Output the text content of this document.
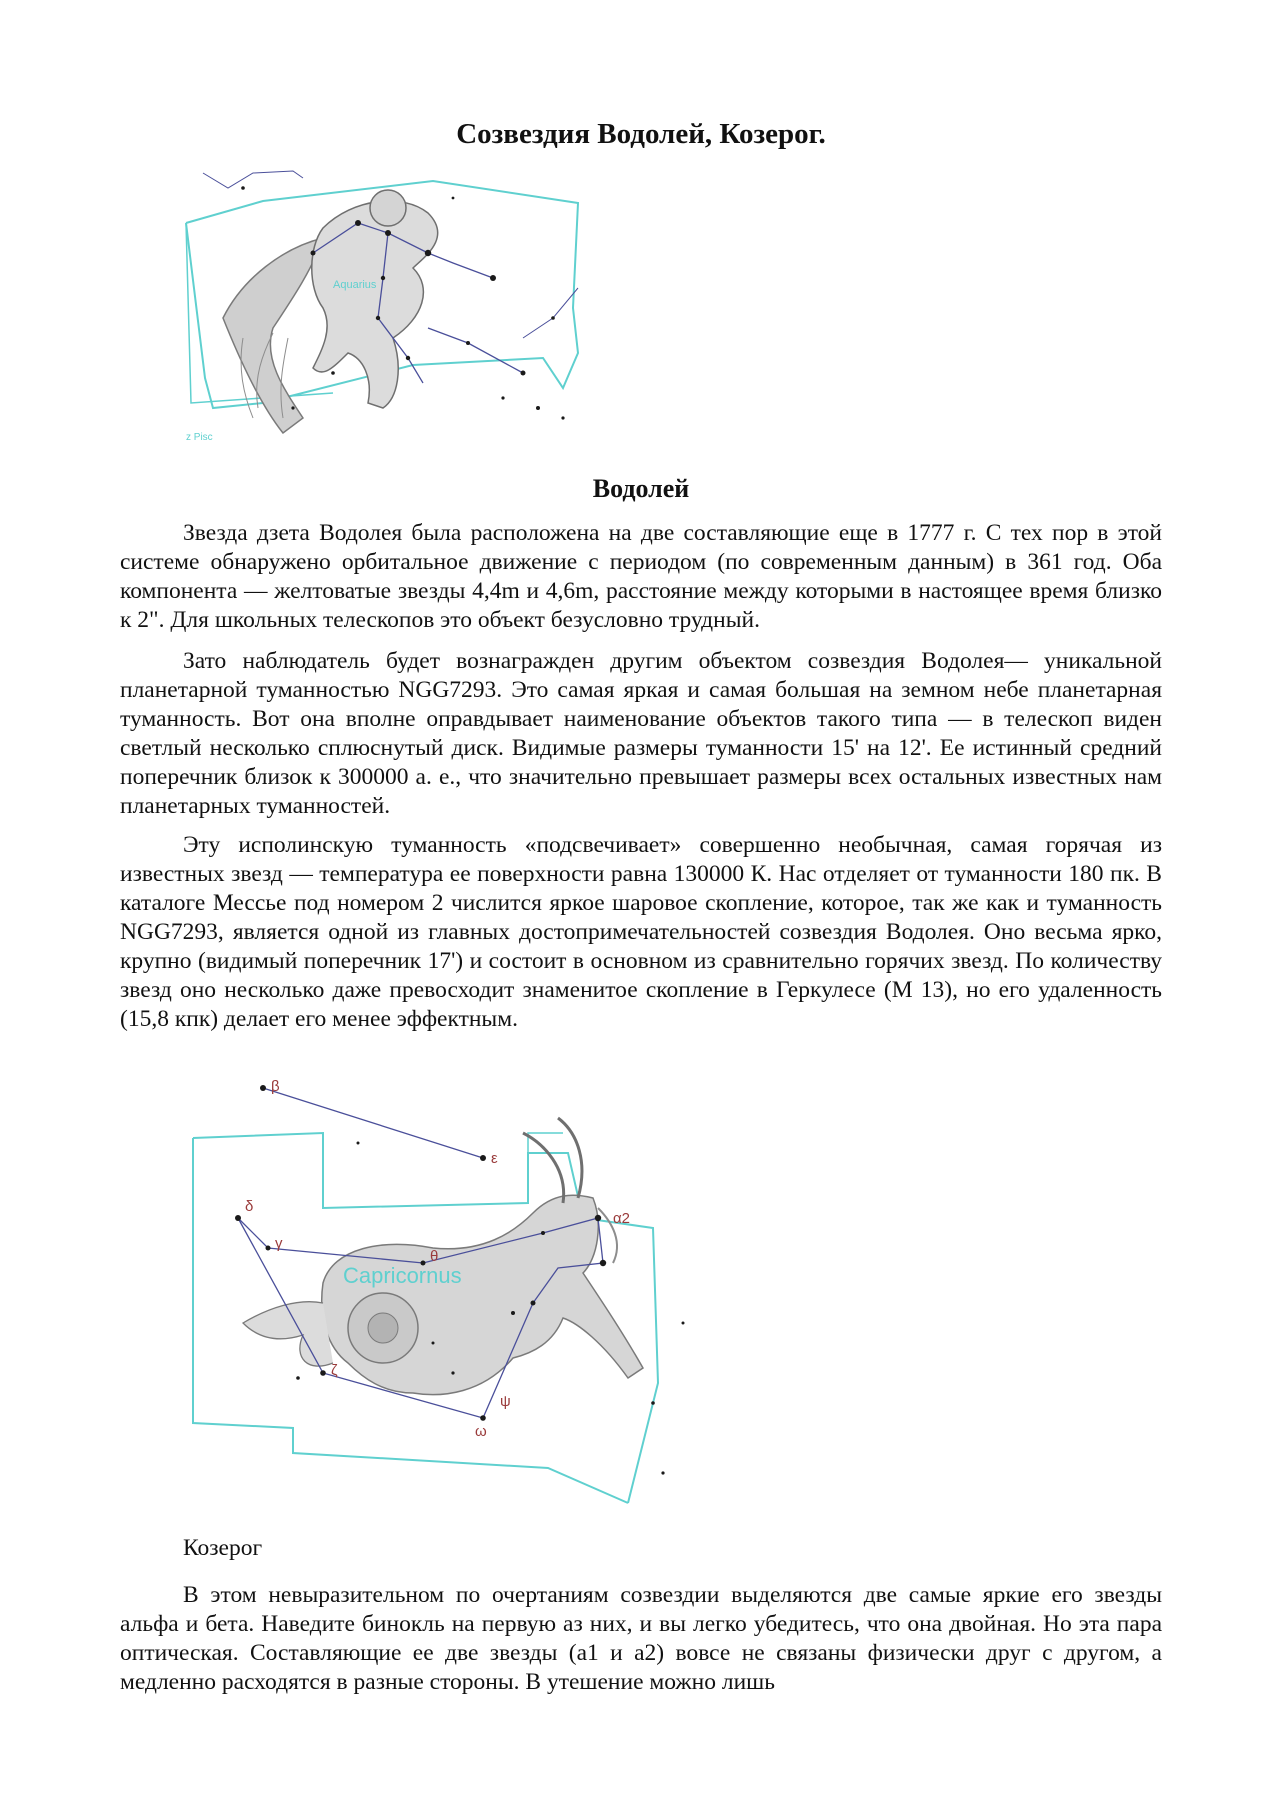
Созвездия Водолей, Козерог.
Aquarius
z Pisc
Водолей

Звезда дзета Водолея была расположена на две составляющие еще в 1777 г. С тех пор в этой системе обнаружено орбитальное движение с периодом (по современным данным) в 361 год. Оба компонента — желтоватые звезды 4,4m и 4,6m, расстояние между которыми в настоящее время близко к 2". Для школьных телескопов это объект безусловно трудный.

Зато наблюдатель будет вознагражден другим объектом созвездия Водолея— уникальной планетарной туманностью NGG7293. Это самая яркая и самая большая на земном небе планетарная туманность. Вот она вполне оправдывает наименование объектов такого типа — в телескоп виден светлый несколько сплюснутый диск. Видимые размеры туманности 15' на 12'. Ее истинный средний поперечник близок к 300000 а. е., что значительно превышает размеры всех остальных известных нам планетарных туманностей.

Эту исполинскую туманность «подсвечивает» совершенно необычная, самая горячая из известных звезд — температура ее поверхности равна 130000 К. Нас отделяет от туманности 180 пк. В каталоге Мессье под номером 2 числится яркое шаровое скопление, которое, так же как и туманность NGG7293, является одной из главных достопримечательностей созвездия Водолея. Оно весьма ярко, крупно (видимый поперечник 17') и состоит в основном из сравнительно горячих звезд. По количеству звезд оно несколько даже превосходит знаменитое скопление в Геркулесе (М 13), но его удаленность (15,8 кпк) делает его менее эффектным.

Capricornus
β
ε
α2
δ
γ
θ
ζ
ψ
ω

Козерог

В этом невыразительном по очертаниям созвездии выделяются две самые яркие его звезды альфа и бета. Наведите бинокль на первую аз них, и вы легко убедитесь, что она двойная. Но эта пара оптическая. Составляющие ее две звезды (а1 и а2) вовсе не связаны физически друг с другом, а медленно расходятся в разные стороны. В утешение можно лишь
